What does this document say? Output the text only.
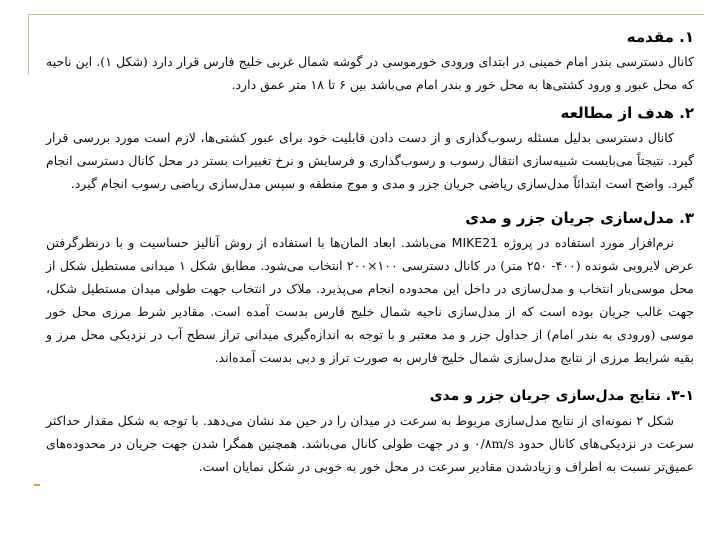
۱. مقدمه

کانال دسترسی بندر امام خمینی در ابتدای ورودی خورموسی در گوشه شمال غربی خلیج فارس قرار دارد (شکل ۱). این ناحیه که محل عبور و ورود کشتی‌ها به محل خور و بندر امام می‌باشد بین ۶ تا ۱۸ متر عمق دارد.

۲. هدف از مطالعه

کانال دسترسی بدلیل مسئله رسوب‌گذاری و از دست دادن قابلیت خود برای عبور کشتی‌ها، لازم است مورد بررسی قرار گیرد. نتیجتاً می‌بایست شبیه‌سازی انتقال رسوب و رسوب‌گذاری و فرسایش و نرخ تغییرات بستر در محل کانال دسترسی انجام گیرد. واضح است ابتدائاً مدل‌سازی ریاضی جریان جزر و مدی و موج منطقه و سپس مدل‌سازی ریاضی رسوب انجام گیرد.

۳. مدل‌سازی جریان جزر و مدی

نرم‌افزار مورد استفاده در پروژه MIKE21 می‌باشد. ابعاد المان‌ها با استفاده از روش آنالیز حساسیت و با درنظرگرفتن عرض لایروبی شونده (۴۰۰- ۲۵۰ متر) در کانال دسترسی ۱۰۰×۲۰۰ انتخاب می‌شود. مطابق شکل ۱ میدانی مستطیل شکل از محل موسی‌بار انتخاب و مدل‌سازی در داخل این محدوده انجام می‌پذیرد. ملاک در انتخاب جهت طولی میدان مستطیل شکل، جهت غالب جریان بوده است که از مدل‌سازی ناحیه شمال خلیج فارس بدست آمده است. مقادیر شرط مرزی محل خور موسی (ورودی به بندر امام) از جداول جزر و مد معتبر و با توجه به اندازه‌گیری میدانی تراز سطح آب در نزدیکی محل مرز و بقیه شرایط مرزی از نتایج مدل‌سازی شمال خلیج فارس به صورت تراز و دبی بدست آمده‌اند.

۳-۱. نتایج مدل‌سازی جریان جزر و مدی

شکل ۲ نمونه‌ای از نتایج مدل‌سازی مربوط به سرعت در میدان را در حین مد نشان می‌دهد. با توجه به شکل مقدار حداکثر سرعت در نزدیکی‌های کانال حدود ۰/۸m/s و در جهت طولی کانال می‌باشد. همچنین همگرا شدن جهت جریان در محدوده‌های عمیق‌تر نسبت به اطراف و زیادشدن مقادیر سرعت در محل خور به خوبی در شکل نمایان است.
